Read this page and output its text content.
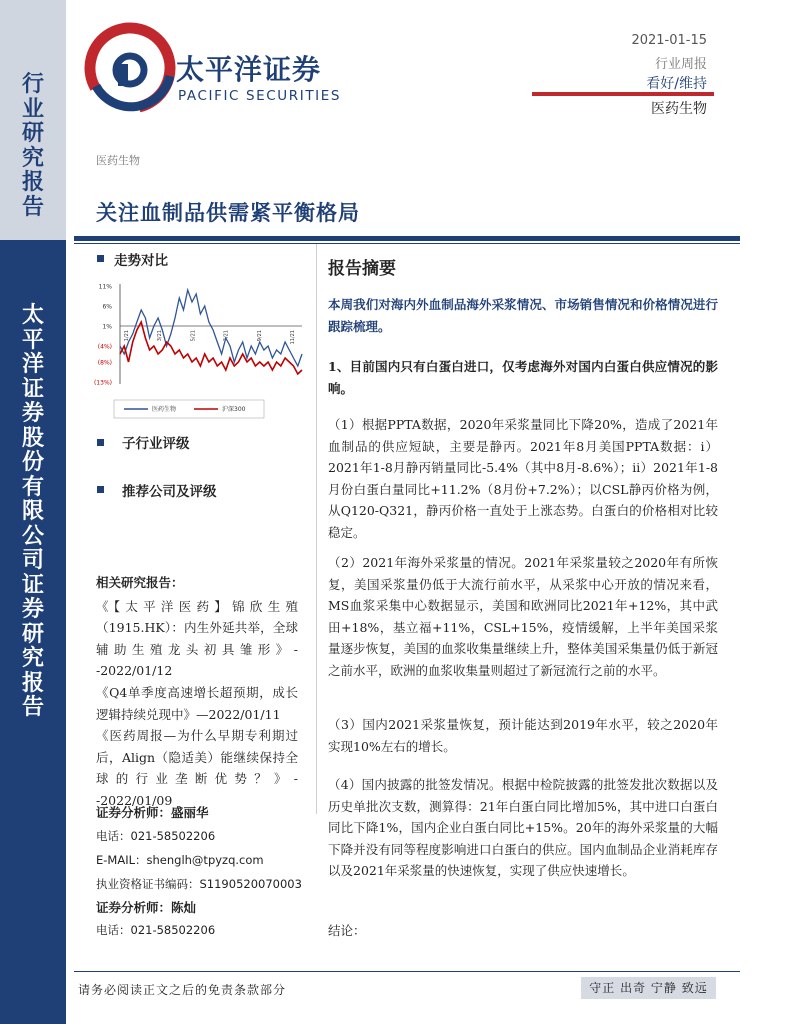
行
业
研
究
报
告
太
平
洋
证
券
股
份
有
限
公
司
证
券
研
究
报
告
太平洋证券
PACIFIC SECURITIES
2021-01-15
行业周报
看好/维持
医药生物
医药生物
关注血制品供需紧平衡格局
走势对比
11%
6%
1%
(4%)
(8%)
(13%)
1/21	3/21	5/21	7/21	9/21	11/21
医药生物	沪深300
子行业评级
推荐公司及评级
相关研究报告：
《【太平洋医药】锦欣生殖（1915.HK）：内生外延共举，全球辅助生殖龙头初具雏形》--2022/01/12
《Q4单季度高速增长超预期，成长逻辑持续兑现中》—2022/01/11
《医药周报—为什么早期专利期过后，Align（隐适美）能继续保持全球的行业垄断优势？》--2022/01/09
证券分析师：盛丽华
电话：021-58502206
E-MAIL：shenglh@tpyzq.com
执业资格证书编码：S1190520070003
证券分析师：陈灿
电话：021-58502206
报告摘要
本周我们对海内外血制品海外采浆情况、市场销售情况和价格情况进行跟踪梳理。
1、目前国内只有白蛋白进口，仅考虑海外对国内白蛋白供应情况的影响。
（1）根据PPTA数据，2020年采浆量同比下降20%，造成了2021年血制品的供应短缺，主要是静丙。2021年8月美国PPTA数据：i）2021年1-8月静丙销量同比-5.4%（其中8月-8.6%）；ii）2021年1-8月份白蛋白量同比+11.2%（8月份+7.2%）；以CSL静丙价格为例，从Q120-Q321，静丙价格一直处于上涨态势。白蛋白的价格相对比较稳定。
（2）2021年海外采浆量的情况。2021年采浆量较之2020年有所恢复，美国采浆量仍低于大流行前水平，从采浆中心开放的情况来看，MS血浆采集中心数据显示，美国和欧洲同比2021年+12%，其中武田+18%，基立福+11%，CSL+15%，疫情缓解，上半年美国采浆量逐步恢复，美国的血浆收集量继续上升，整体美国采集量仍低于新冠之前水平，欧洲的血浆收集量则超过了新冠流行之前的水平。
（3）国内2021采浆量恢复，预计能达到2019年水平，较之2020年实现10%左右的增长。
（4）国内披露的批签发情况。根据中检院披露的批签发批次数据以及历史单批次支数，测算得：21年白蛋白同比增加5%，其中进口白蛋白同比下降1%，国内企业白蛋白同比+15%。20年的海外采浆量的大幅下降并没有同等程度影响进口白蛋白的供应。国内血制品企业消耗库存以及2021年采浆量的快速恢复，实现了供应快速增长。
结论：
请务必阅读正文之后的免责条款部分	守正 出奇 宁静 致远
